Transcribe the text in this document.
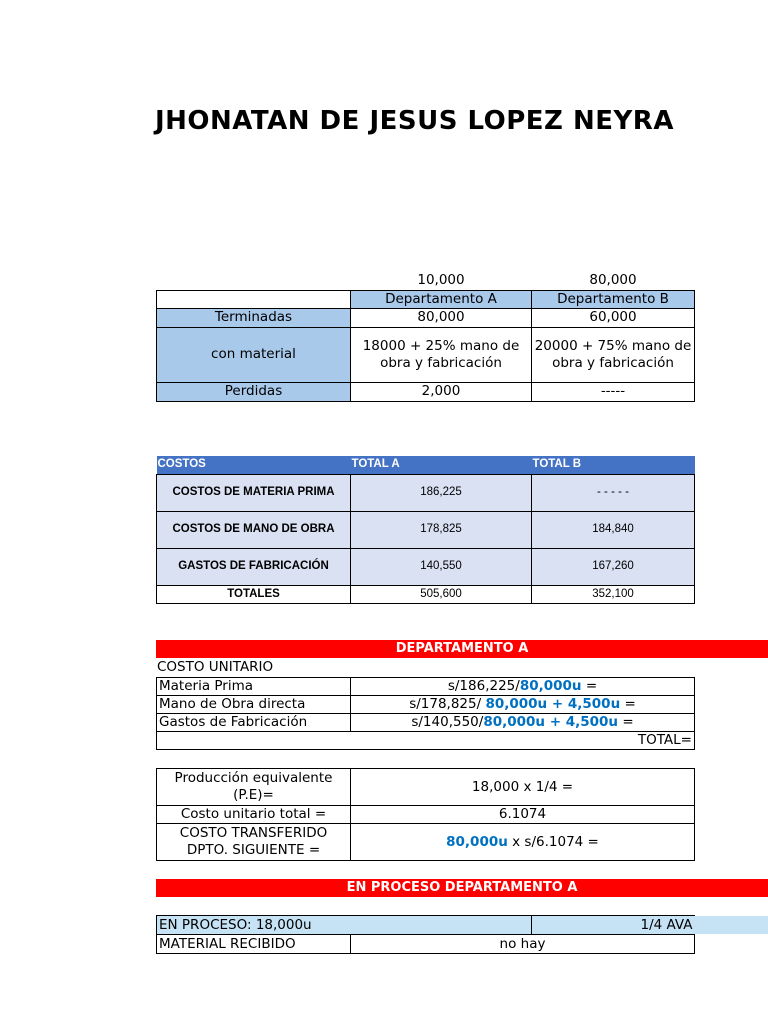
JHONATAN DE JESUS LOPEZ NEYRA
	10,000	80,000
	Departamento A	Departamento B
Terminadas	80,000	60,000
con material	18000 + 25% mano de obra y fabricación	20000 + 75% mano de obra y fabricación
Perdidas	2,000	-----
COSTOS	TOTAL A	TOTAL B
COSTOS DE MATERIA PRIMA	186,225	- - - - -
COSTOS DE MANO DE OBRA	178,825	184,840
GASTOS DE FABRICACIÓN	140,550	167,260
TOTALES	505,600	352,100
DEPARTAMENTO A
COSTO UNITARIO
Materia Prima	s/186,225/80,000u =
Mano de Obra directa	s/178,825/ 80,000u + 4,500u =
Gastos de Fabricación	s/140,550/80,000u + 4,500u =
TOTAL=	
Producción equivalente (P.E)=	18,000 x 1/4 =
Costo unitario total =	6.1074
COSTO TRANSFERIDO DPTO. SIGUIENTE =	80,000u x s/6.1074 =
EN PROCESO DEPARTAMENTO A
EN PROCESO: 18,000u		1/4 AVA
MATERIAL RECIBIDO	no hay	
